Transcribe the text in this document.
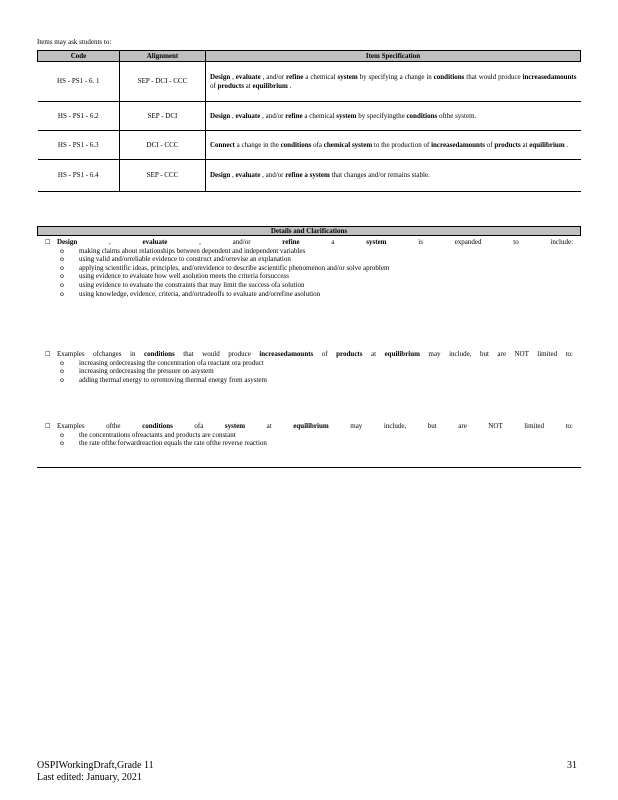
Items may ask students to:
Code	Alignment	Item Specification
HS - PS1 - 6. 1	SEP - DCI - CCC	Design , evaluate , and/or refine a chemical system by specifying a change in conditions that would produce increasedamounts of products at equilibrium .
HS - PS1 - 6.2	SEP - DCI	Design , evaluate , and/or refine a chemical system by specifyingthe conditions ofthe system.
HS - PS1 - 6.3	DCI - CCC	Connect a change in the conditions ofa chemical system to the production of increasedamounts of products at equilibrium .
HS - PS1 - 6.4	SEP - CCC	Design , evaluate , and/or refine a system that changes and/or remains stable.
Details and Clarifications
□ Design , evaluate , and/or refine a system is expanded to include:
o making claims about relationships between dependent and independent variables
o using valid and/orreliable evidence to construct and/orrevise an explanation
o applying scientific ideas, principles, and/orevidence to describe ascientific phenomenon and/or solve aproblem
o using evidence to evaluate how well asolution meets the criteria forsuccess
o using evidence to evaluate the constraints that may limit the success ofa solution
o using knowledge, evidence, criteria, and/ortradeoffs to evaluate and/orrefine asolution
□ Examples ofchanges in conditions that would produce increasedamounts of products at equilibrium may include, but are NOT limited to:
o increasing ordecreasing the concentration ofa reactant ora product
o increasing ordecreasing the pressure on asystem
o adding thermal energy to orremoving thermal energy from asystem
□ Examples ofthe conditions ofa system at equilibrium may include, but are NOT limited to:
o the concentrations ofreactants and products are constant
o the rate ofthe forwardreaction equals the rate ofthe reverse reaction
OSPIWorkingDraft,Grade 11
Last edited: January, 2021
31
